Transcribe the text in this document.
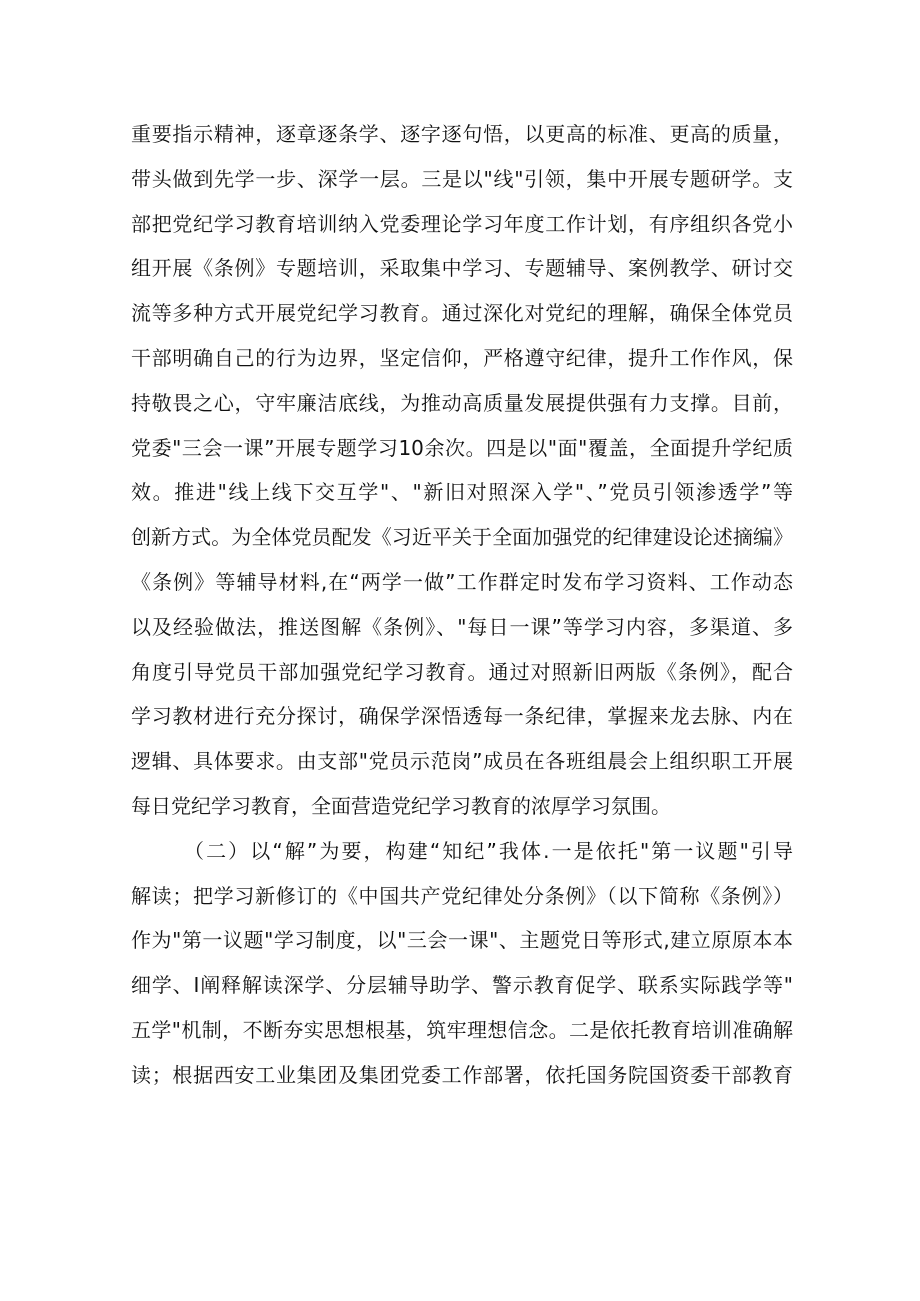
重要指示精神，逐章逐条学、逐字逐句悟，以更高的标准、更高的质量，
带头做到先学一步、深学一层。三是以"线"引领，集中开展专题研学。支
部把党纪学习教育培训纳入党委理论学习年度工作计划，有序组织各党小
组开展《条例》专题培训，采取集中学习、专题辅导、案例教学、研讨交
流等多种方式开展党纪学习教育。通过深化对党纪的理解，确保全体党员
干部明确自己的行为边界，坚定信仰，严格遵守纪律，提升工作作风，保
持敬畏之心，守牢廉洁底线，为推动高质量发展提供强有力支撑。目前，
党委"三会一课”开展专题学习10余次。四是以"面"覆盖，全面提升学纪质
效。推进"线上线下交互学"、"新旧对照深入学"、”党员引领渗透学”等
创新方式。为全体党员配发《习近平关于全面加强党的纪律建设论述摘编》
《条例》等辅导材料,在“两学一做”工作群定时发布学习资料、工作动态
以及经验做法，推送图解《条例》、"每日一课”等学习内容，多渠道、多
角度引导党员干部加强党纪学习教育。通过对照新旧两版《条例》，配合
学习教材进行充分探讨，确保学深悟透每一条纪律，掌握来龙去脉、内在
逻辑、具体要求。由支部"党员示范岗”成员在各班组晨会上组织职工开展
每日党纪学习教育，全面营造党纪学习教育的浓厚学习氛围。
（二）以“解”为要，构建“知纪”我体.一是依托"第一议题"引导
解读；把学习新修订的《中国共产党纪律处分条例》（以下简称《条例》）
作为"第一议题"学习制度，以"三会一课"、主题党日等形式,建立原原本本
细学、I阐释解读深学、分层辅导助学、警示教育促学、联系实际践学等"
五学"机制，不断夯实思想根基，筑牢理想信念。二是依托教育培训准确解
读；根据西安工业集团及集团党委工作部署，依托国务院国资委干部教育
